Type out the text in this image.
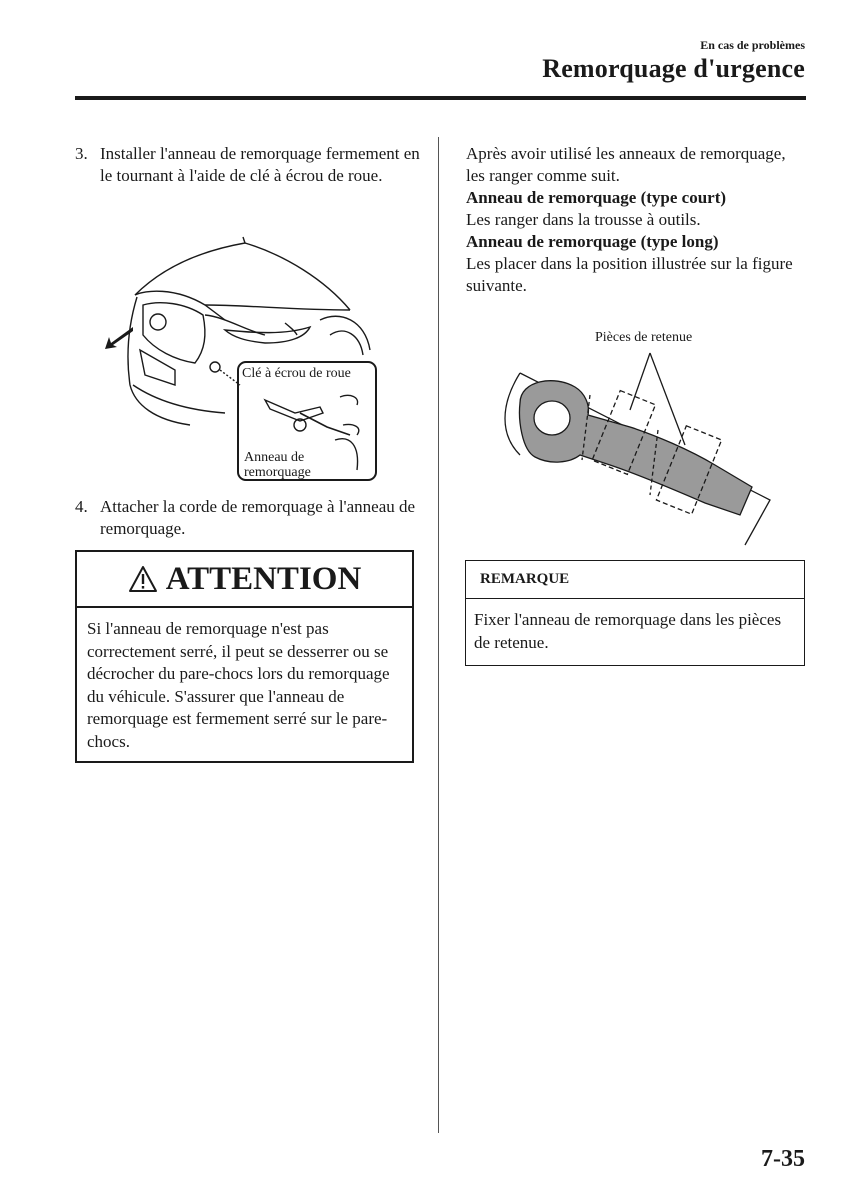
En cas de problèmes
Remorquage d'urgence
3. Installer l'anneau de remorquage fermement en le tournant à l'aide de clé à écrou de roue.
Clé à écrou de roue
Anneau de
remorquage
4. Attacher la corde de remorquage à l'anneau de remorquage.
ATTENTION
Si l'anneau de remorquage n'est pas correctement serré, il peut se desserrer ou se décrocher du pare-chocs lors du remorquage du véhicule. S'assurer que l'anneau de remorquage est fermement serré sur le pare-chocs.
Après avoir utilisé les anneaux de remorquage, les ranger comme suit.
Anneau de remorquage (type court)
Les ranger dans la trousse à outils.
Anneau de remorquage (type long)
Les placer dans la position illustrée sur la figure suivante.
Pièces de retenue
REMARQUE
Fixer l'anneau de remorquage dans les pièces de retenue.
7-35
